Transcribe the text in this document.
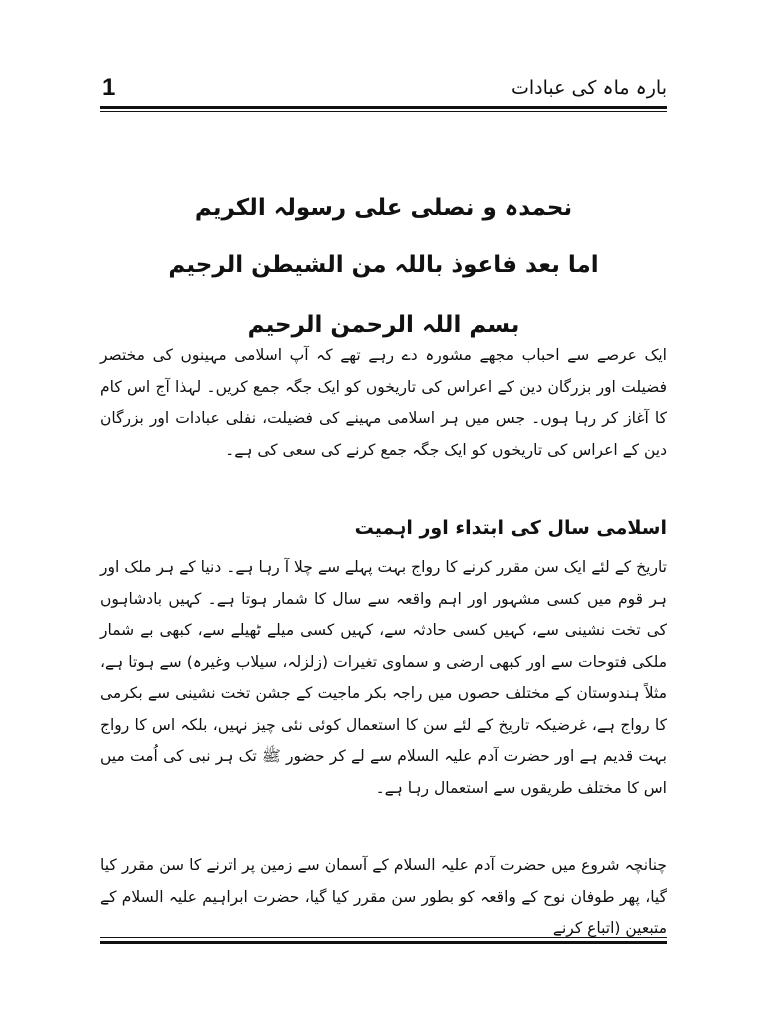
1	بارہ ماہ کی عبادات
نحمدہ و نصلی علی رسولہ الکریم
اما بعد فاعوذ باللہ من الشیطن الرجیم
بسم اللہ الرحمن الرحیم

ایک عرصے سے احباب مجھے مشورہ دے رہے تھے کہ آپ اسلامی مہینوں کی مختصر فضیلت اور بزرگان دین کے اعراس کی تاریخوں کو ایک جگہ جمع کریں۔ لہذا آج اس کام کا آغاز کر رہا ہوں۔ جس میں ہر اسلامی مہینے کی فضیلت، نفلی عبادات اور بزرگان دین کے اعراس کی تاریخوں کو ایک جگہ جمع کرنے کی سعی کی ہے۔

اسلامی سال کی ابتداء اور اہمیت

تاریخ کے لئے ایک سن مقرر کرنے کا رواج بہت پہلے سے چلا آ رہا ہے۔ دنیا کے ہر ملک اور ہر قوم میں کسی مشہور اور اہم واقعہ سے سال کا شمار ہوتا ہے۔ کہیں بادشاہوں کی تخت نشینی سے، کہیں کسی حادثہ سے، کہیں کسی میلے ٹھیلے سے، کبھی بے شمار ملکی فتوحات سے اور کبھی ارضی و سماوی تغیرات (زلزلہ، سیلاب وغیرہ) سے ہوتا ہے، مثلاً ہندوستان کے مختلف حصوں میں راجہ بکر ماجیت کے جشن تخت نشینی سے بکرمی کا رواج ہے، غرضیکہ تاریخ کے لئے سن کا استعمال کوئی نئی چیز نہیں، بلکہ اس کا رواج بہت قدیم ہے اور حضرت آدم علیہ السلام سے لے کر حضور ﷺ تک ہر نبی کی اُمت میں اس کا مختلف طریقوں سے استعمال رہا ہے۔

چنانچہ شروع میں حضرت آدم علیہ السلام کے آسمان سے زمین پر اترنے کا سن مقرر کیا گیا، پھر طوفان نوح کے واقعہ کو بطور سن مقرر کیا گیا، حضرت ابراہیم علیہ السلام کے متبعین (اتباع کرنے
